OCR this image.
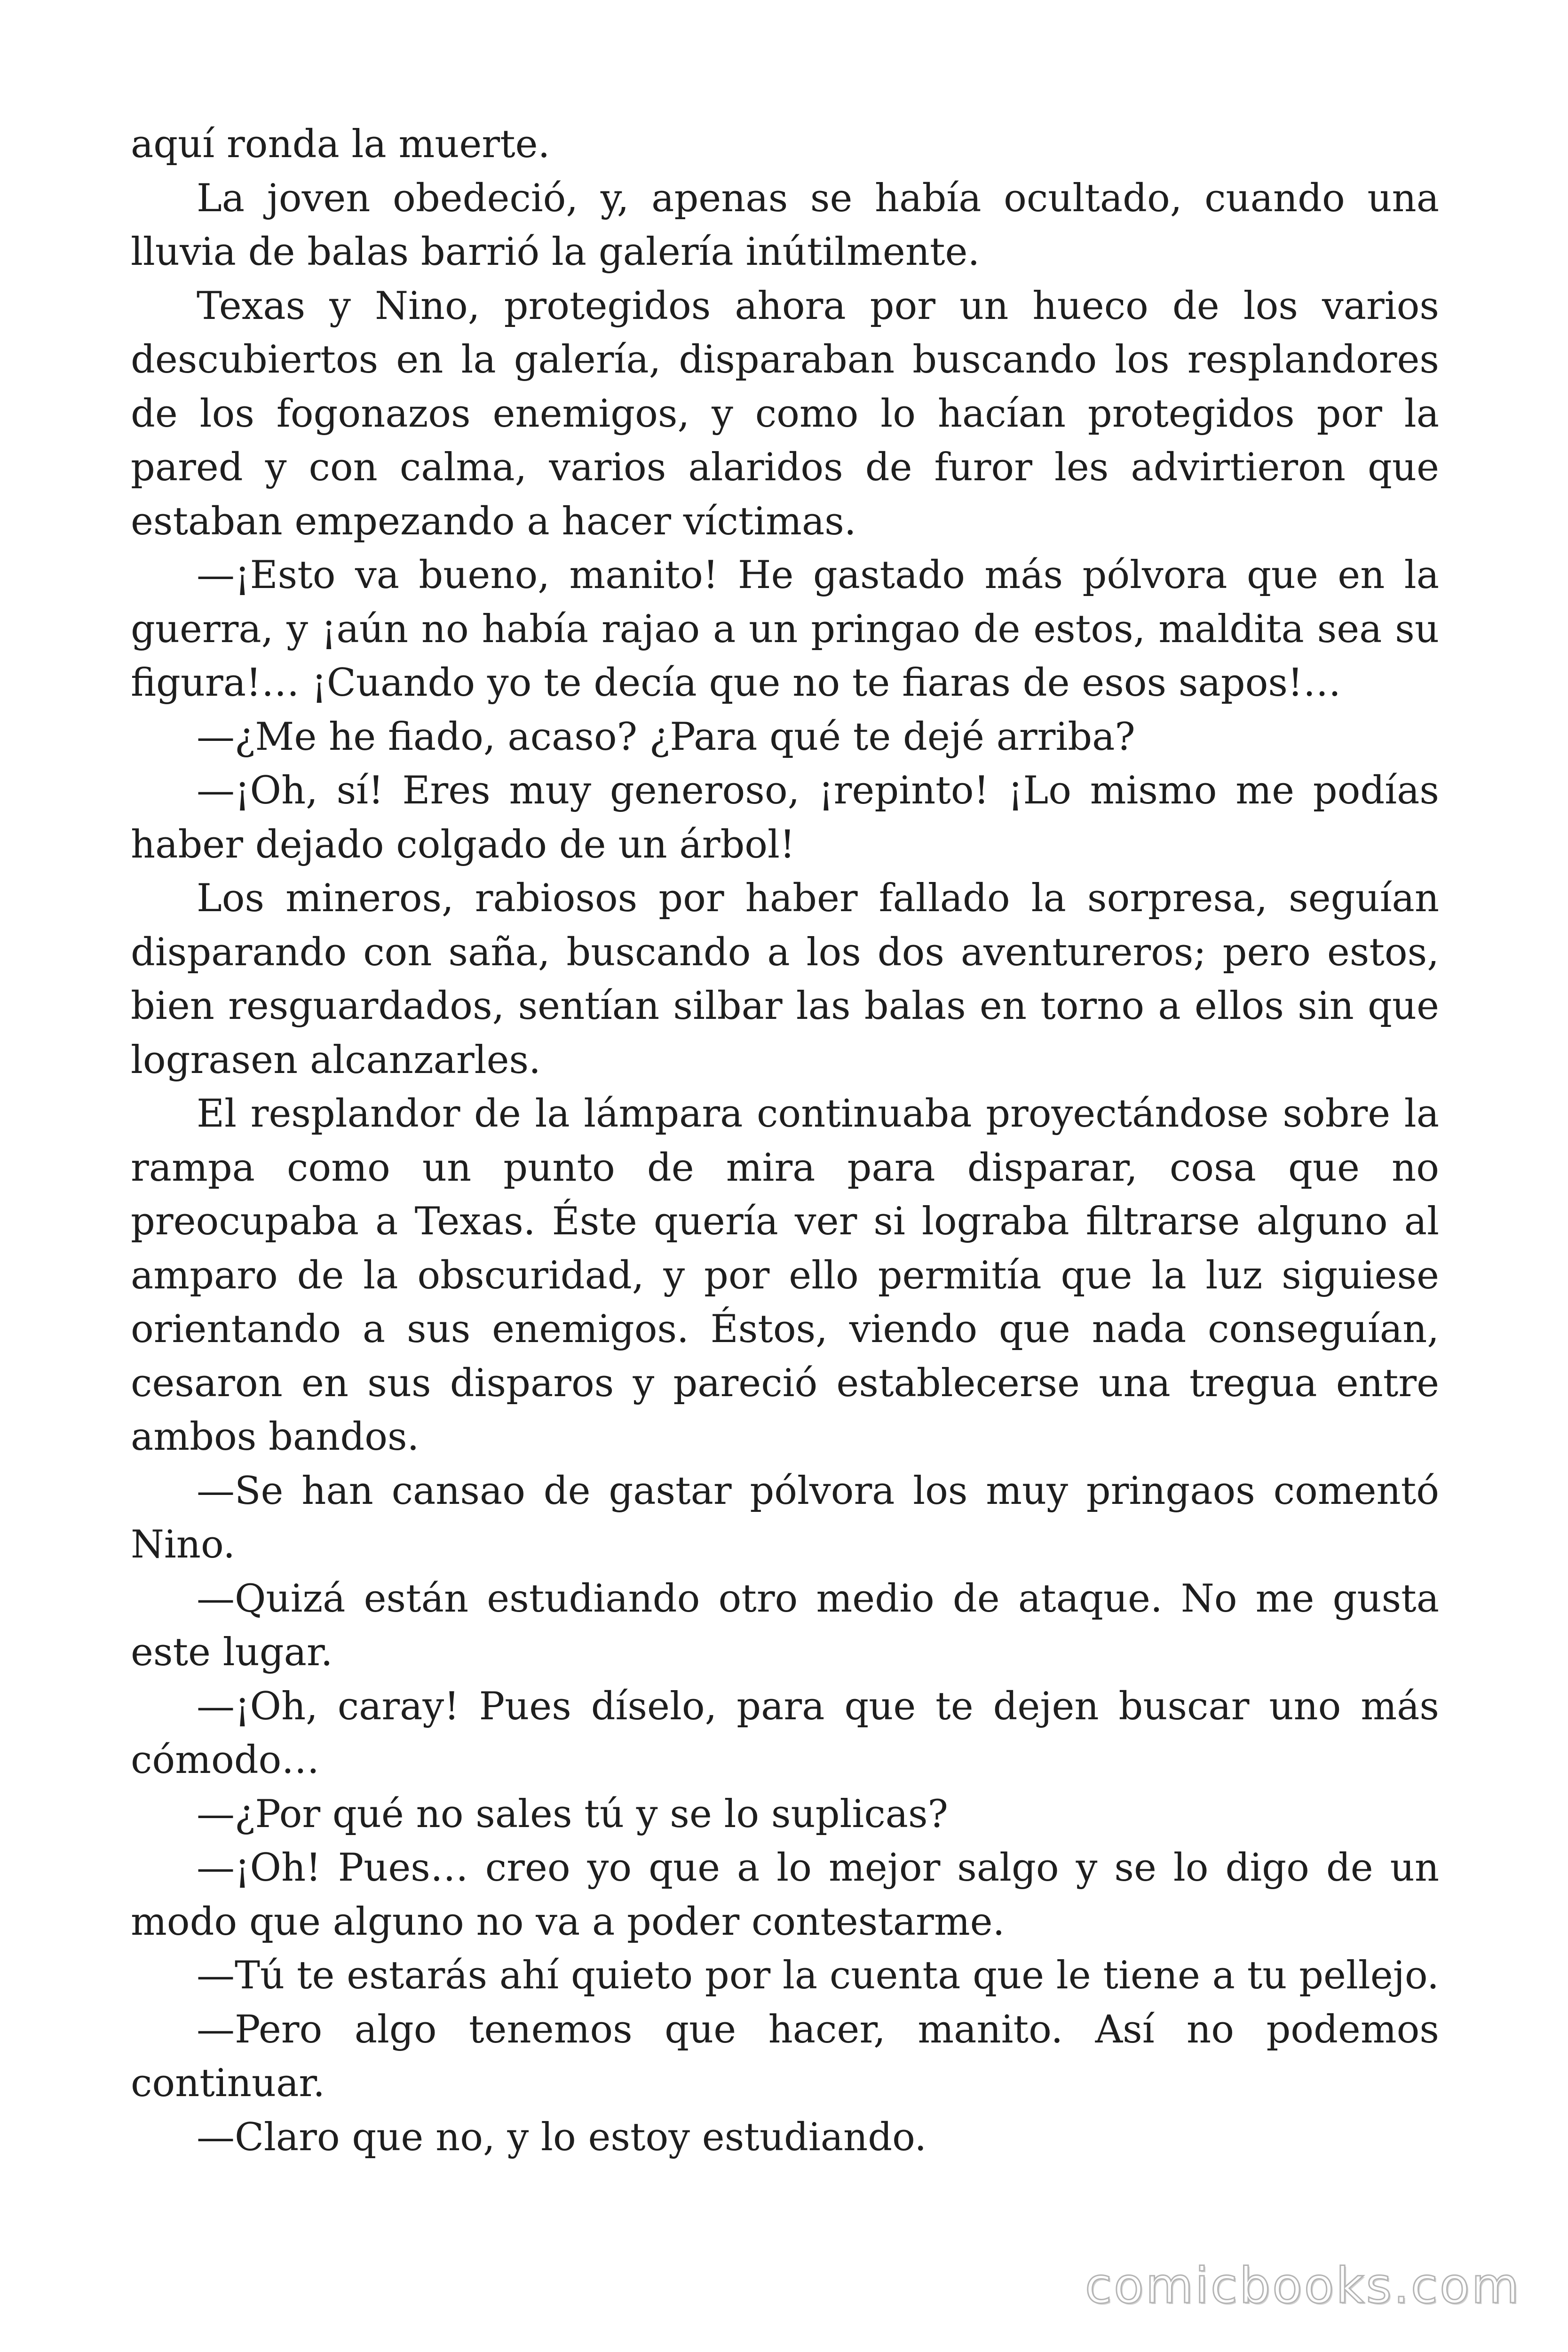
aquí ronda la muerte.

La joven obedeció, y, apenas se había ocultado, cuando una lluvia de balas barrió la galería inútilmente.

Texas y Nino, protegidos ahora por un hueco de los varios descubiertos en la galería, disparaban buscando los resplandores de los fogonazos enemigos, y como lo hacían protegidos por la pared y con calma, varios alaridos de furor les advirtieron que estaban empezando a hacer víctimas.

—¡Esto va bueno, manito! He gastado más pólvora que en la guerra, y ¡aún no había rajao a un pringao de estos, maldita sea su figura!… ¡Cuando yo te decía que no te fiaras de esos sapos!…

—¿Me he fiado, acaso? ¿Para qué te dejé arriba?

—¡Oh, sí! Eres muy generoso, ¡repinto! ¡Lo mismo me podías haber dejado colgado de un árbol!

Los mineros, rabiosos por haber fallado la sorpresa, seguían disparando con saña, buscando a los dos aventureros; pero estos, bien resguardados, sentían silbar las balas en torno a ellos sin que lograsen alcanzarles.

El resplandor de la lámpara continuaba proyectándose sobre la rampa como un punto de mira para disparar, cosa que no preocupaba a Texas. Éste quería ver si lograba filtrarse alguno al amparo de la obscuridad, y por ello permitía que la luz siguiese orientando a sus enemigos. Éstos, viendo que nada conseguían, cesaron en sus disparos y pareció establecerse una tregua entre ambos bandos.

—Se han cansao de gastar pólvora los muy pringaos comentó Nino.

—Quizá están estudiando otro medio de ataque. No me gusta este lugar.

—¡Oh, caray! Pues díselo, para que te dejen buscar uno más cómodo…

—¿Por qué no sales tú y se lo suplicas?

—¡Oh! Pues… creo yo que a lo mejor salgo y se lo digo de un modo que alguno no va a poder contestarme.

—Tú te estarás ahí quieto por la cuenta que le tiene a tu pellejo.

—Pero algo tenemos que hacer, manito. Así no podemos continuar.

—Claro que no, y lo estoy estudiando.

comicbooks.com
